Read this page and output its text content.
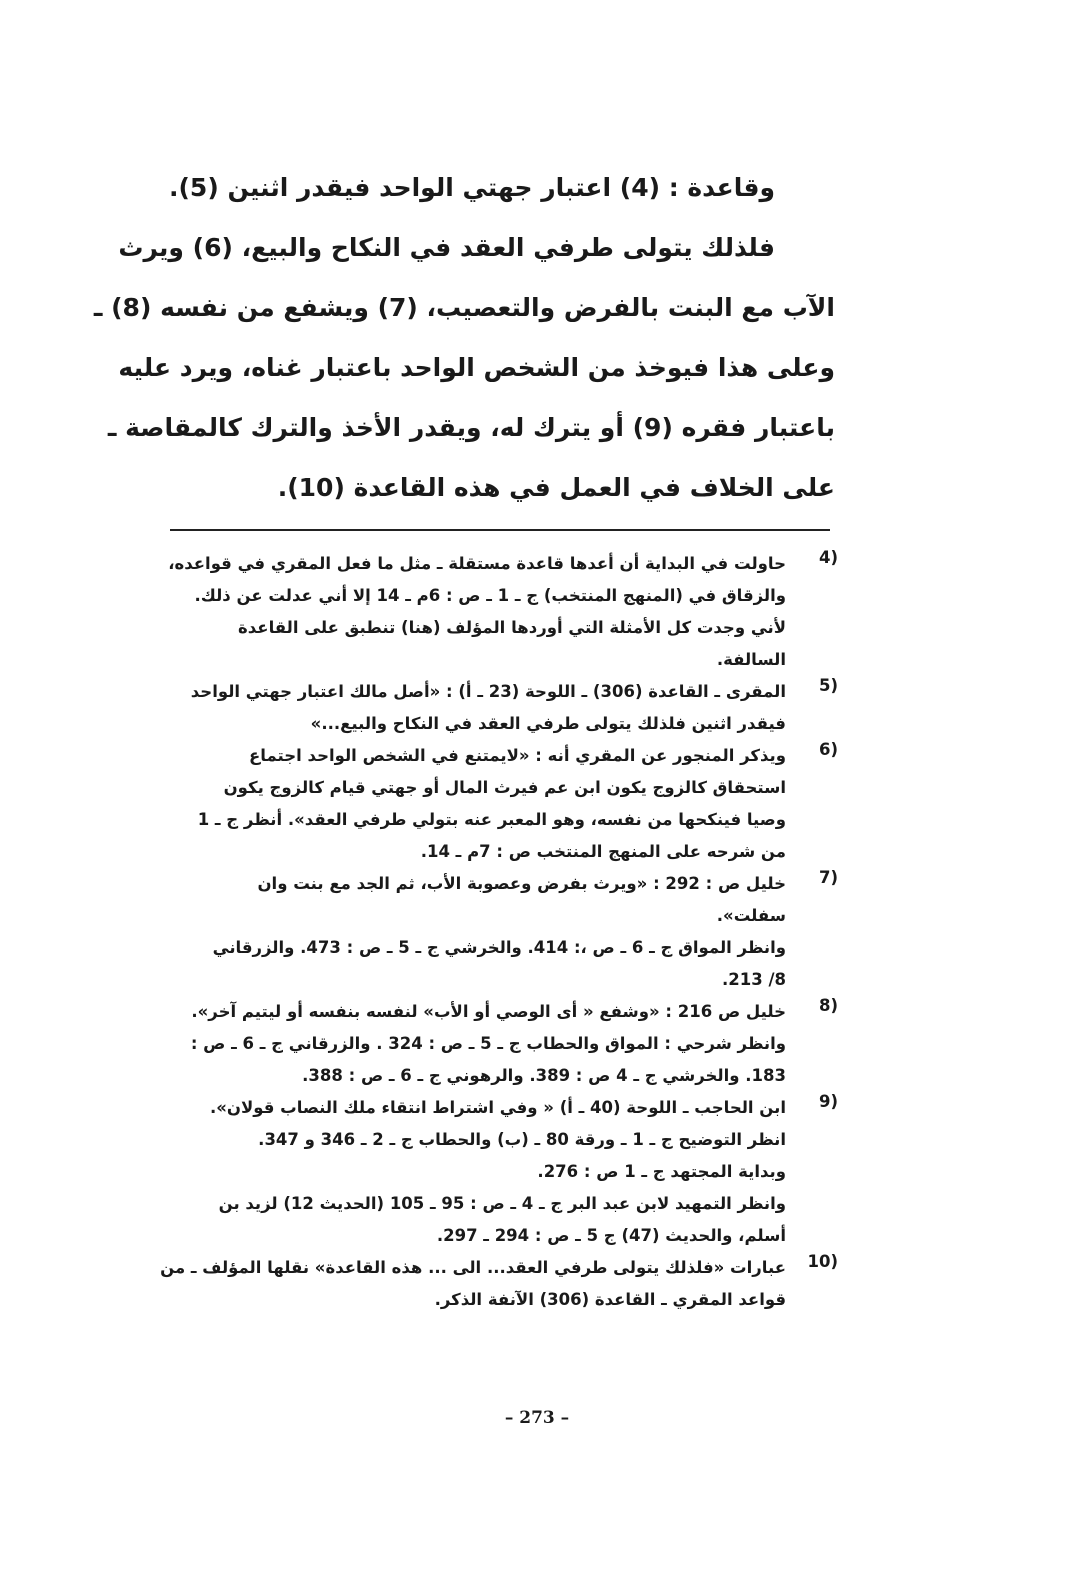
وقاعدة : (4) اعتبار جهتي الواحد فيقدر اثنين (5).

فلذلك يتولى طرفي العقد في النكاح والبيع، (6) ويرث

الآب مع البنت بالفرض والتعصيب، (7) ويشفع من نفسه (8) ـ

وعلى هذا فيوخذ من الشخص الواحد باعتبار غناه، ويرد عليه

باعتبار فقره (9) أو يترك له، ويقدر الأخذ والترك كالمقاصة ـ

على الخلاف في العمل في هذه القاعدة (10).

4)
حاولت في البداية أن أعدها قاعدة مستقلة ـ مثل ما فعل المقري في قواعده،
والزقاق في (المنهج المنتخب) ج ـ 1 ـ ص : 6م ـ 14 إلا أني عدلت عن ذلك.
لأني وجدت كل الأمثلة التي أوردها المؤلف (هنا) تنطبق على القاعدة
السالفة.
5)
المقرى ـ القاعدة (306) ـ اللوحة (23 ـ أ) : «أصل مالك اعتبار جهتي الواحد
فيقدر اثنين فلذلك يتولى طرفي العقد في النكاح والبيع...»
6)
ويذكر المنجور عن المقري أنه : «لايمتنع في الشخص الواحد اجتماع
استحقاق كالزوج يكون ابن عم فيرث المال أو جهتي قيام كالزوج يكون
وصيا فينكحها من نفسه، وهو المعبر عنه بتولي طرفي العقد». أنظر ج ـ 1
من شرحه على المنهج المنتخب ص : 7م ـ 14.
7)
خليل ص : 292 : «ويرث بفرض وعصوبة الأب، ثم الجد مع بنت وان
سفلت».
وانظر المواق ج ـ 6 ـ ص ،: 414. والخرشي ج ـ 5 ـ ص : 473. والزرقاني
8/ 213.
8)
خليل ص 216 : «وشفع « أى الوصي أو الأب» لنفسه بنفسه أو ليتيم آخر».
وانظر شرحي : المواق والحطاب ج ـ 5 ـ ص : 324 . والزرقاني ج ـ 6 ـ ص :
183. والخرشي ج ـ 4 ص : 389. والرهوني ج ـ 6 ـ ص : 388.
9)
ابن الحاجب ـ اللوحة (40 ـ أ) « وفي اشتراط انتقاء ملك النصاب قولان».
انظر التوضيح ج ـ 1 ـ ورقة 80 ـ (ب) والحطاب ج ـ 2 ـ 346 و 347.
وبداية المجتهد ج ـ 1 ص : 276.
وانظر التمهيد لابن عبد البر ج ـ 4 ـ ص : 95 ـ 105 (الحديث 12) لزيد بن
أسلم، والحديث (47) ج 5 ـ ص : 294 ـ 297.
10)
عبارات «فلذلك يتولى طرفي العقد... الى ... هذه القاعدة» نقلها المؤلف ـ من
قواعد المقري ـ القاعدة (306) الآنفة الذكر.
– 273 –
